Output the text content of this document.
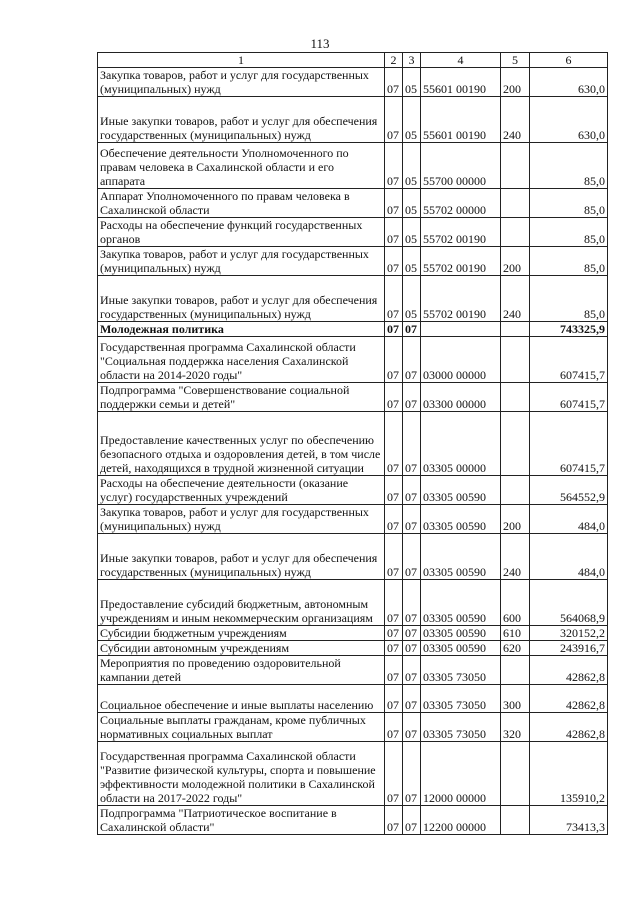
113
1	2	3	4	5	6
Закупка товаров, работ и услуг для государственных (муниципальных) нужд	07	05	55601 00190	200	630,0
Иные закупки товаров, работ и услуг для обеспечения государственных (муниципальных) нужд	07	05	55601 00190	240	630,0
Обеспечение деятельности Уполномоченного по правам человека в Сахалинской области и его аппарата	07	05	55700 00000		85,0
Аппарат Уполномоченного по правам человека в Сахалинской области	07	05	55702 00000		85,0
Расходы на обеспечение функций государственных органов	07	05	55702 00190		85,0
Закупка товаров, работ и услуг для государственных (муниципальных) нужд	07	05	55702 00190	200	85,0
Иные закупки товаров, работ и услуг для обеспечения государственных (муниципальных) нужд	07	05	55702 00190	240	85,0
Молодежная политика	07	07			743325,9
Государственная программа Сахалинской области "Социальная поддержка населения Сахалинской области на 2014-2020 годы"	07	07	03000 00000		607415,7
Подпрограмма "Совершенствование социальной поддержки семьи и детей"	07	07	03300 00000		607415,7
Предоставление качественных услуг по обеспечению безопасного отдыха и оздоровления детей, в том числе детей, находящихся в трудной жизненной ситуации	07	07	03305 00000		607415,7
Расходы на обеспечение деятельности (оказание услуг) государственных учреждений	07	07	03305 00590		564552,9
Закупка товаров, работ и услуг для государственных (муниципальных) нужд	07	07	03305 00590	200	484,0
Иные закупки товаров, работ и услуг для обеспечения государственных (муниципальных) нужд	07	07	03305 00590	240	484,0
Предоставление субсидий бюджетным, автономным учреждениям и иным некоммерческим организациям	07	07	03305 00590	600	564068,9
Субсидии бюджетным учреждениям	07	07	03305 00590	610	320152,2
Субсидии автономным учреждениям	07	07	03305 00590	620	243916,7
Мероприятия по проведению оздоровительной кампании детей	07	07	03305 73050		42862,8
Социальное обеспечение и иные выплаты населению	07	07	03305 73050	300	42862,8
Социальные выплаты гражданам, кроме публичных нормативных социальных выплат	07	07	03305 73050	320	42862,8
Государственная программа Сахалинской области "Развитие физической культуры, спорта и повышение эффективности молодежной политики в Сахалинской области на 2017-2022 годы"	07	07	12000 00000		135910,2
Подпрограмма "Патриотическое воспитание в Сахалинской области"	07	07	12200 00000		73413,3
